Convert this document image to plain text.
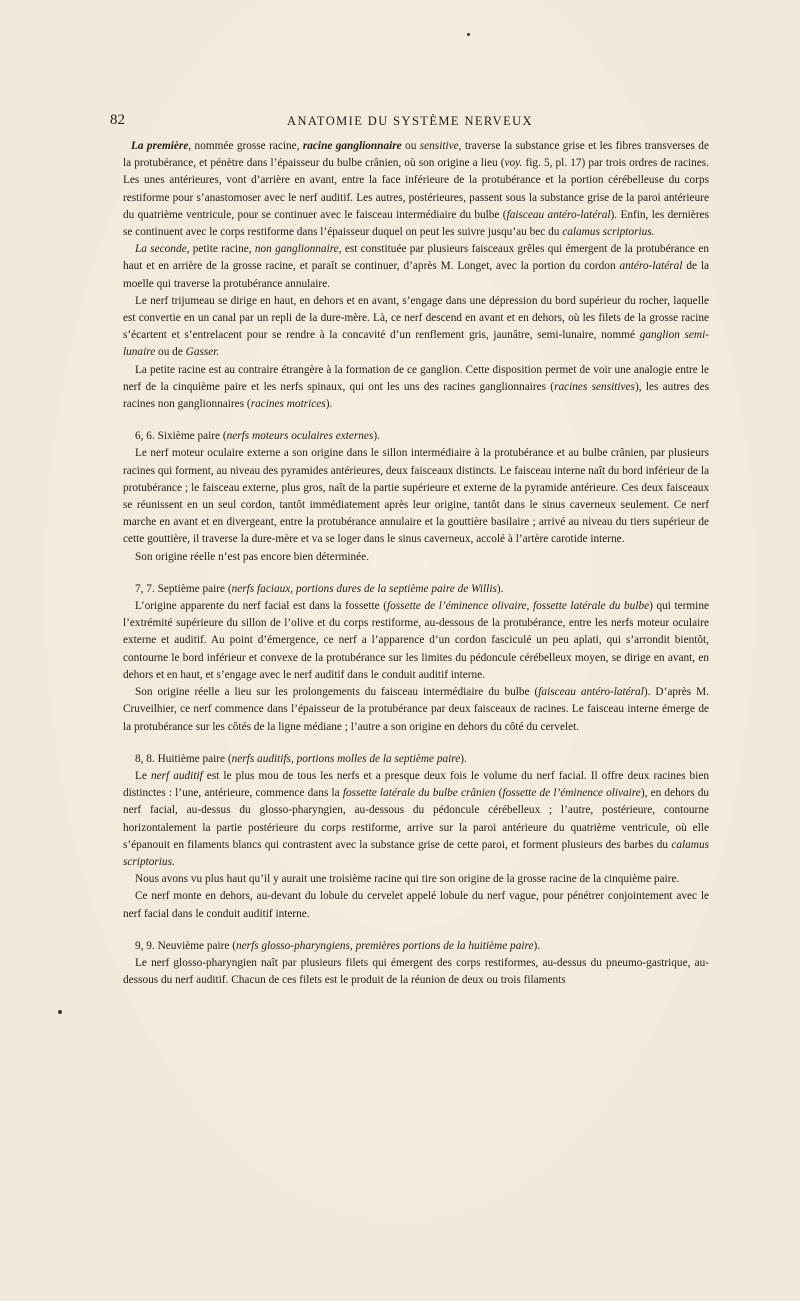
82	ANATOMIE DU SYSTÈME NERVEUX

La première, nommée grosse racine, racine ganglionnaire ou sensitive, traverse la substance grise et les fibres transverses de la protubérance, et pénètre dans l’épaisseur du bulbe crânien, où son origine a lieu (voy. fig. 5, pl. 17) par trois ordres de racines. Les unes antérieures, vont d’arrière en avant, entre la face inférieure de la protubérance et la portion cérébelleuse du corps restiforme pour s’anastomoser avec le nerf auditif. Les autres, postérieures, passent sous la substance grise de la paroi antérieure du quatrième ventricule, pour se continuer avec le faisceau intermédiaire du bulbe (faisceau antéro-latéral). Enfin, les dernières se continuent avec le corps restiforme dans l’épaisseur duquel on peut les suivre jusqu’au bec du calamus scriptorius.

La seconde, petite racine, non ganglionnaire, est constituée par plusieurs faisceaux grêles qui émergent de la protubérance en haut et en arrière de la grosse racine, et paraît se continuer, d’après M. Longet, avec la portion du cordon antéro-latéral de la moelle qui traverse la protubérance annulaire.

Le nerf trijumeau se dirige en haut, en dehors et en avant, s’engage dans une dépression du bord supérieur du rocher, laquelle est convertie en un canal par un repli de la dure-mère. Là, ce nerf descend en avant et en dehors, où les filets de la grosse racine s’écartent et s’entrelacent pour se rendre à la concavité d’un renflement gris, jaunâtre, semi-lunaire, nommé ganglion semi-lunaire ou de Gasser.

La petite racine est au contraire étrangère à la formation de ce ganglion. Cette disposition permet de voir une analogie entre le nerf de la cinquième paire et les nerfs spinaux, qui ont les uns des racines ganglionnaires (racines sensitives), les autres des racines non ganglionnaires (racines motrices).

6, 6. Sixième paire (nerfs moteurs oculaires externes).

Le nerf moteur oculaire externe a son origine dans le sillon intermédiaire à la protubérance et au bulbe crânien, par plusieurs racines qui forment, au niveau des pyramides antérieures, deux faisceaux distincts. Le faisceau interne naît du bord inférieur de la protubérance ; le faisceau externe, plus gros, naît de la partie supérieure et externe de la pyramide antérieure. Ces deux faisceaux se réunissent en un seul cordon, tantôt immédiatement après leur origine, tantôt dans le sinus caverneux seulement. Ce nerf marche en avant et en divergeant, entre la protubérance annulaire et la gouttière basilaire ; arrivé au niveau du tiers supérieur de cette gouttière, il traverse la dure-mère et va se loger dans le sinus caverneux, accolé à l’artère carotide interne.

Son origine réelle n’est pas encore bien déterminée.

7, 7. Septième paire (nerfs faciaux, portions dures de la septième paire de Willis).

L’origine apparente du nerf facial est dans la fossette (fossette de l’éminence olivaire, fossette latérale du bulbe) qui termine l’extrémité supérieure du sillon de l’olive et du corps restiforme, au-dessous de la protubérance, entre les nerfs moteur oculaire externe et auditif. Au point d’émergence, ce nerf a l’apparence d’un cordon fasciculé un peu aplati, qui s’arrondit bientôt, contourne le bord inférieur et convexe de la protubérance sur les limites du pédoncule cérébelleux moyen, se dirige en avant, en dehors et en haut, et s’engage avec le nerf auditif dans le conduit auditif interne.

Son origine réelle a lieu sur les prolongements du faisceau intermédiaire du bulbe (faisceau antéro-latéral). D’après M. Cruveilhier, ce nerf commence dans l’épaisseur de la protubérance par deux faisceaux de racines. Le faisceau interne émerge de la protubérance sur les côtés de la ligne médiane ; l’autre a son origine en dehors du côté du cervelet.

8, 8. Huitième paire (nerfs auditifs, portions molles de la septième paire).

Le nerf auditif est le plus mou de tous les nerfs et a presque deux fois le volume du nerf facial. Il offre deux racines bien distinctes : l’une, antérieure, commence dans la fossette latérale du bulbe crânien (fossette de l’éminence olivaire), en dehors du nerf facial, au-dessus du glosso-pharyngien, au-dessous du pédoncule cérébelleux ; l’autre, postérieure, contourne horizontalement la partie postérieure du corps restiforme, arrive sur la paroi antérieure du quatrième ventricule, où elle s’épanouit en filaments blancs qui contrastent avec la substance grise de cette paroi, et forment plusieurs des barbes du calamus scriptorius.

Nous avons vu plus haut qu’il y aurait une troisième racine qui tire son origine de la grosse racine de la cinquième paire.

Ce nerf monte en dehors, au-devant du lobule du cervelet appelé lobule du nerf vague, pour pénétrer conjointement avec le nerf facial dans le conduit auditif interne.

9, 9. Neuvième paire (nerfs glosso-pharyngiens, premières portions de la huitième paire).

Le nerf glosso-pharyngien naît par plusieurs filets qui émergent des corps restiformes, au-dessus du pneumo-gastrique, au-dessous du nerf auditif. Chacun de ces filets est le produit de la réunion de deux ou trois filaments
